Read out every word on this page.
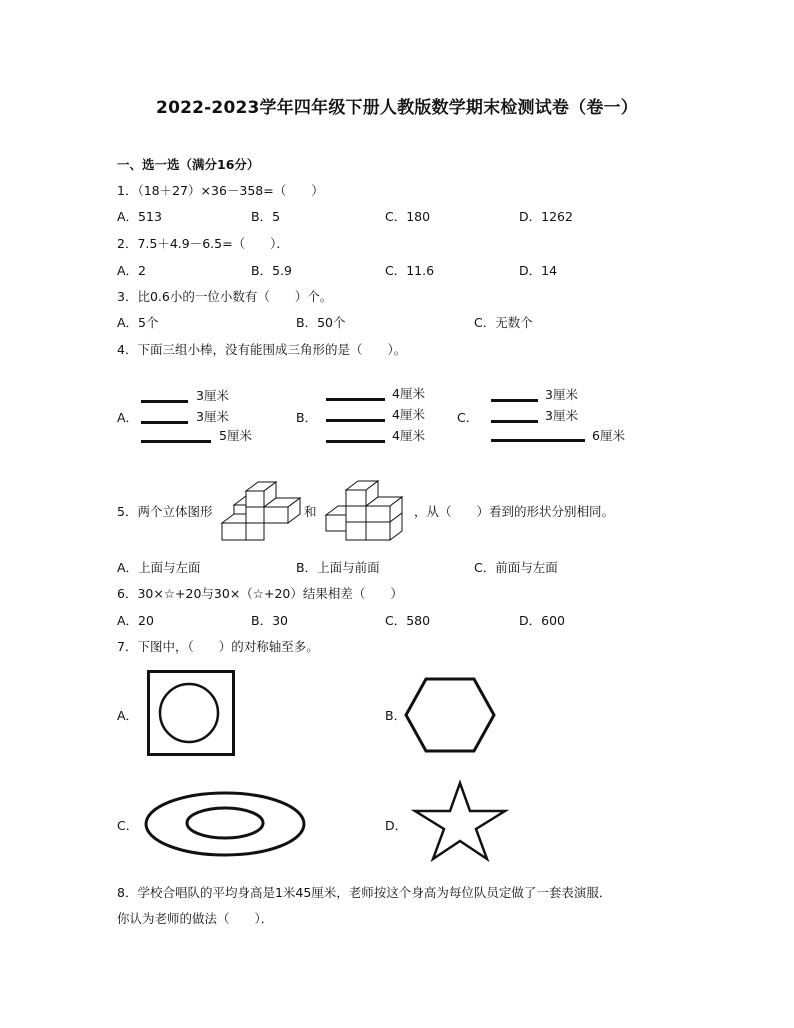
2022-2023学年四年级下册人教版数学期末检测试卷（卷一）
一、选一选（满分16分）
1．（18＋27）×36－358=（　　）
A．513	B．5	C．180	D．1262
2．7.5＋4.9－6.5=（　　）．
A．2	B．5.9	C．11.6	D．14
3．比0.6小的一位小数有（　　）个。
A．5个	B．50个	C．无数个
4．下面三组小棒，没有能围成三角形的是（　　）。
A．
3厘米
3厘米
5厘米
B．
4厘米
4厘米
4厘米
C．
3厘米
3厘米
6厘米
5．两个立体图形	和	，从（　　）看到的形状分别相同。
A．上面与左面	B．上面与前面	C．前面与左面
6．30×☆+20与30×（☆+20）结果相差（　　）
A．20	B．30	C．580	D．600
7．下图中，（　　）的对称轴至多。
A．	B．
C．	D．
8．学校合唱队的平均身高是1米45厘米，老师按这个身高为每位队员定做了一套表演服．
你认为老师的做法（　　）．
